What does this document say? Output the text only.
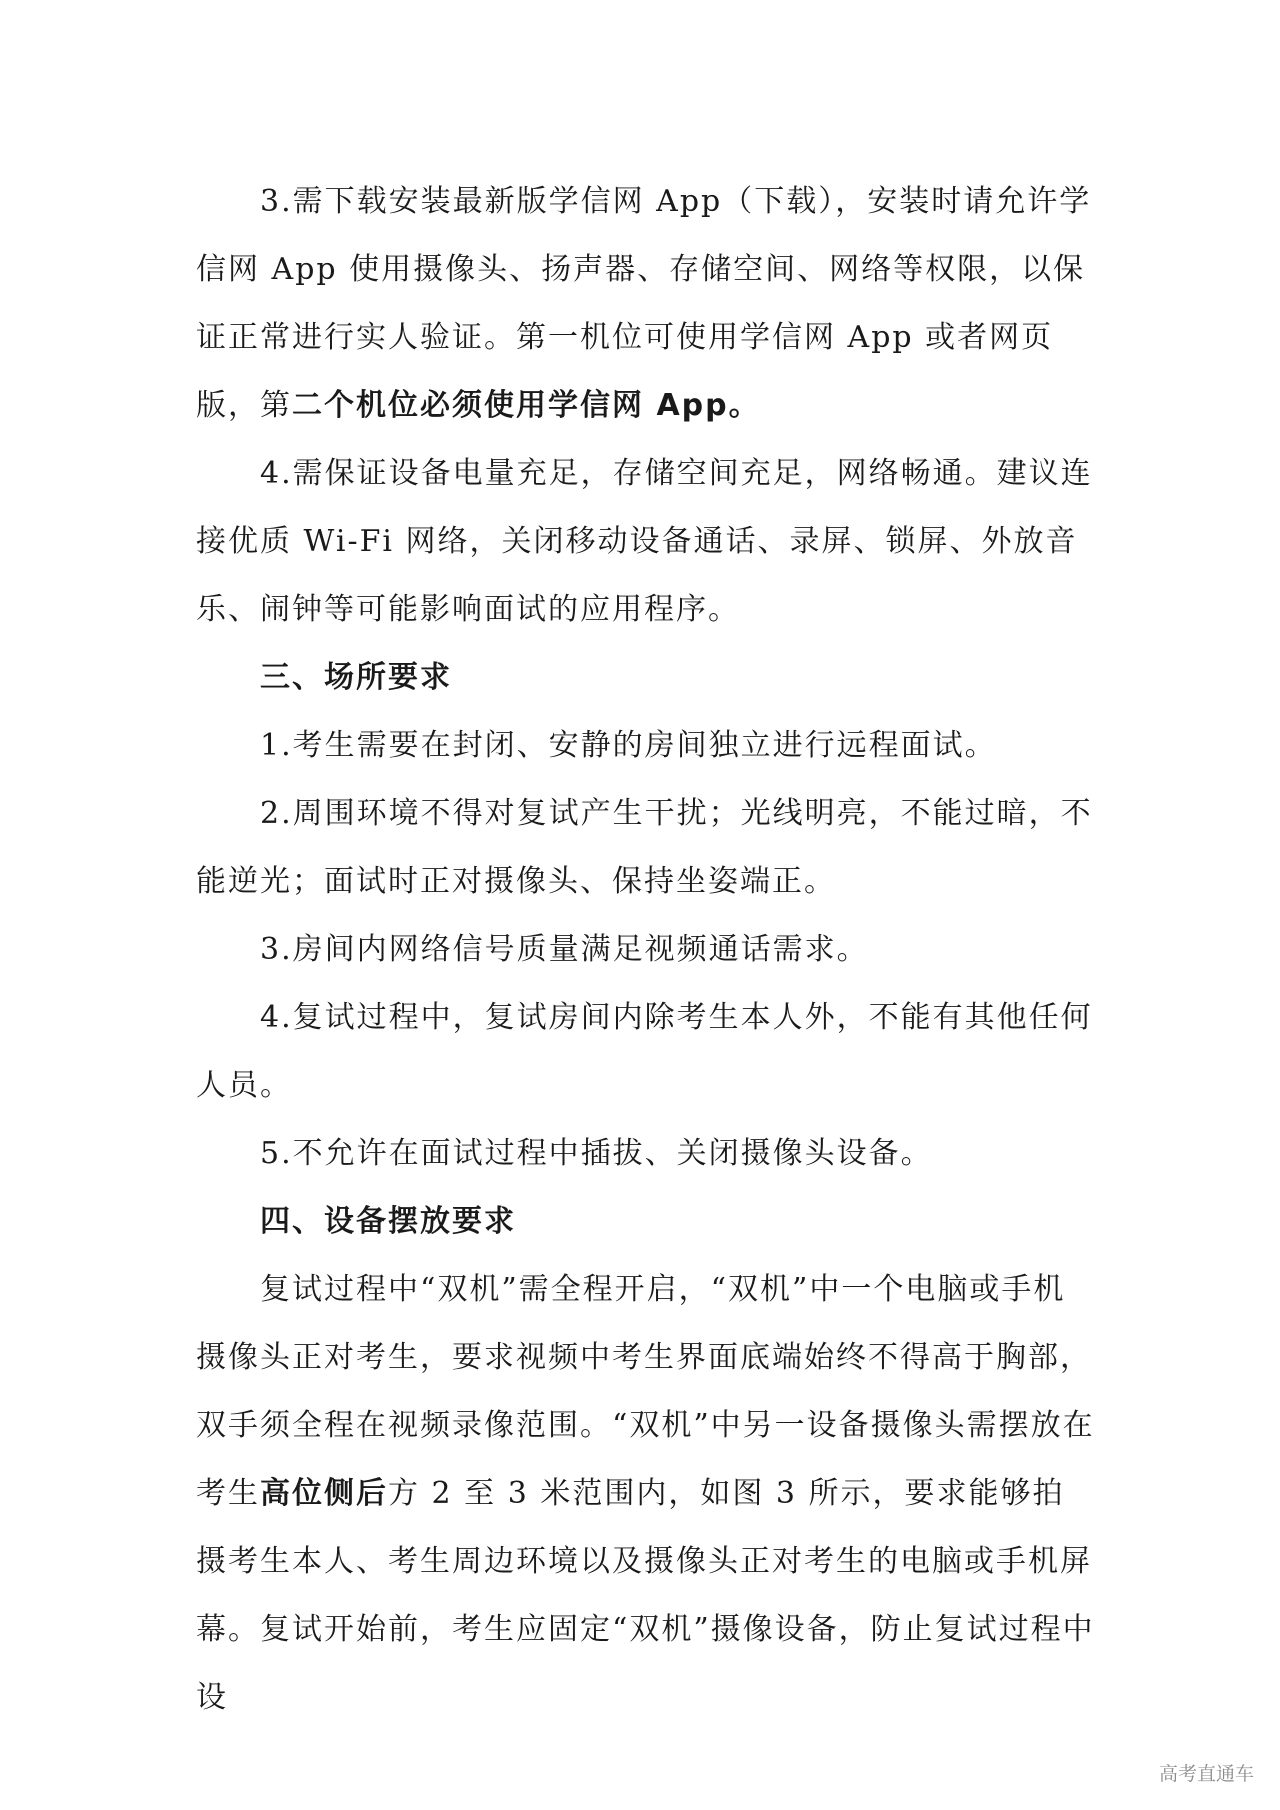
3.需下载安装最新版学信网 App（下载），安装时请允许学信网 App 使用摄像头、扬声器、存储空间、网络等权限，以保证正常进行实人验证。第一机位可使用学信网 App 或者网页版，第二个机位必须使用学信网 App。

4.需保证设备电量充足，存储空间充足，网络畅通。建议连接优质 Wi-Fi 网络，关闭移动设备通话、录屏、锁屏、外放音乐、闹钟等可能影响面试的应用程序。

三、场所要求

1.考生需要在封闭、安静的房间独立进行远程面试。

2.周围环境不得对复试产生干扰；光线明亮，不能过暗，不能逆光；面试时正对摄像头、保持坐姿端正。

3.房间内网络信号质量满足视频通话需求。

4.复试过程中，复试房间内除考生本人外，不能有其他任何人员。

5.不允许在面试过程中插拔、关闭摄像头设备。

四、设备摆放要求

复试过程中“双机”需全程开启，“双机”中一个电脑或手机摄像头正对考生，要求视频中考生界面底端始终不得高于胸部，双手须全程在视频录像范围。“双机”中另一设备摄像头需摆放在考生高位侧后方 2 至 3 米范围内，如图 3 所示，要求能够拍摄考生本人、考生周边环境以及摄像头正对考生的电脑或手机屏幕。复试开始前，考生应固定“双机”摄像设备，防止复试过程中设

高考直通车
